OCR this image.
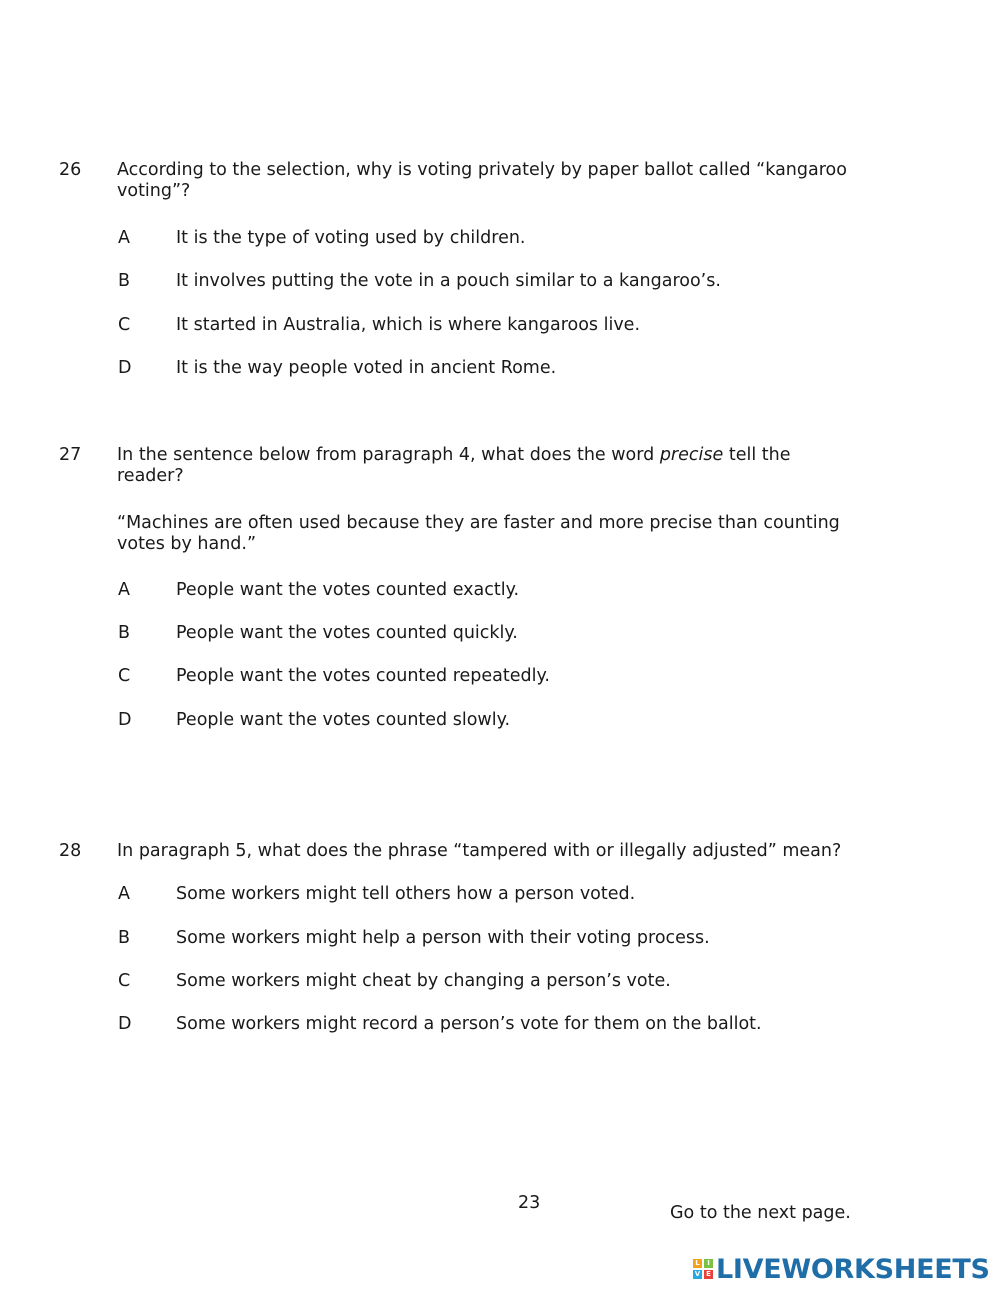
26 According to the selection, why is voting privately by paper ballot called “kangaroo
voting”?
A	It is the type of voting used by children.
B	It involves putting the vote in a pouch similar to a kangaroo’s.
C	It started in Australia, which is where kangaroos live.
D	It is the way people voted in ancient Rome.
27 In the sentence below from paragraph 4, what does the word precise tell the
reader?
“Machines are often used because they are faster and more precise than counting
votes by hand.”
A	People want the votes counted exactly.
B	People want the votes counted quickly.
C	People want the votes counted repeatedly.
D	People want the votes counted slowly.
28 In paragraph 5, what does the phrase “tampered with or illegally adjusted” mean?
A	Some workers might tell others how a person voted.
B	Some workers might help a person with their voting process.
C	Some workers might cheat by changing a person’s vote.
D	Some workers might record a person’s vote for them on the ballot.
23	Go to the next page.
L	I
V E LIVEWORKSHEETS
